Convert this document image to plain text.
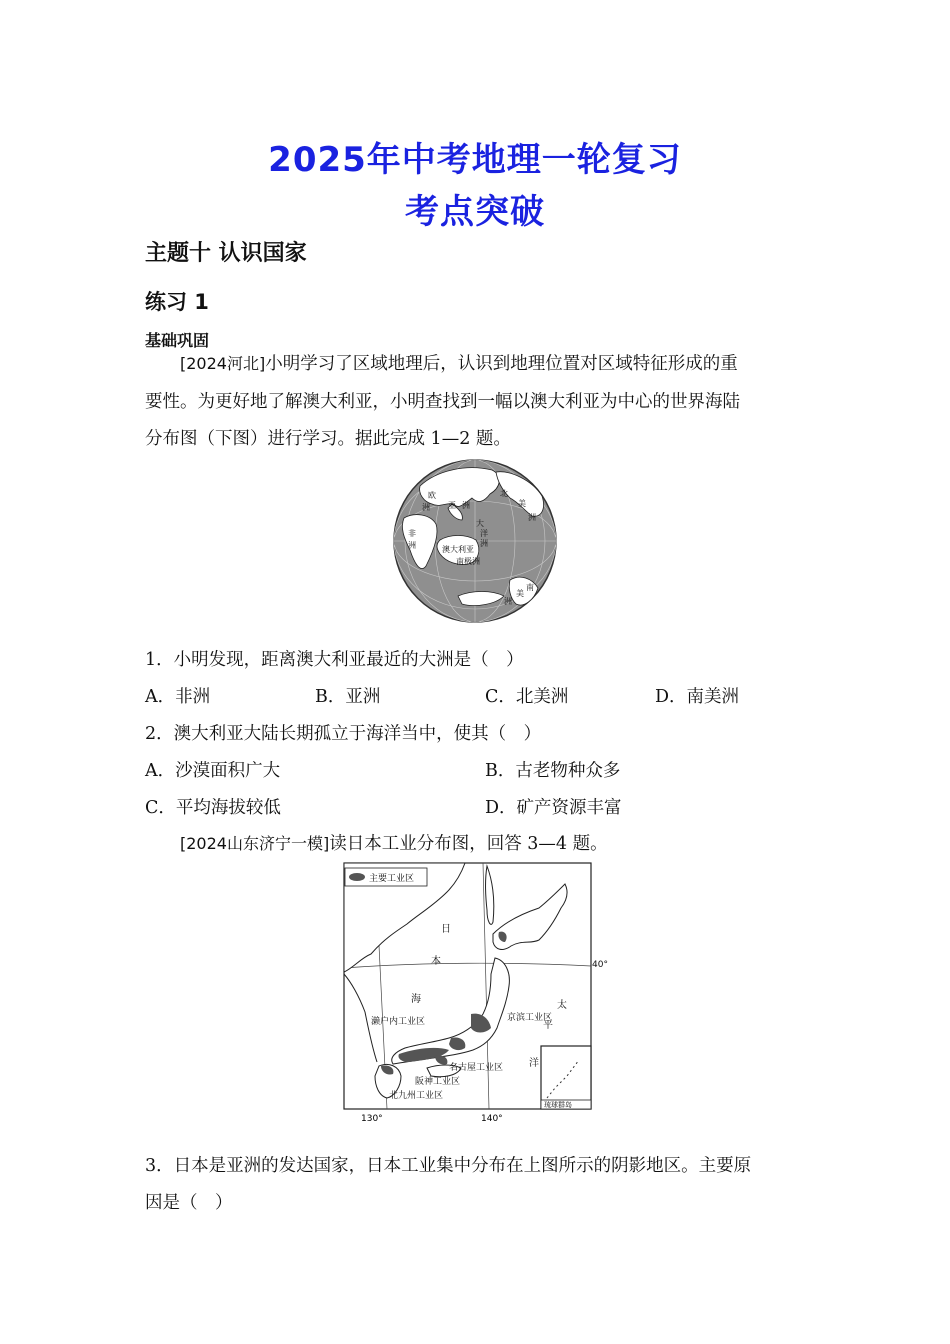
2025年中考地理一轮复习
考点突破
主题十 认识国家
练习 1
基础巩固
[2024河北]小明学习了区域地理后，认识到地理位置对区域特征形成的重
要性。为更好地了解澳大利亚，小明查找到一幅以澳大利亚为中心的世界海陆
分布图（下图）进行学习。据此完成 1—2 题。
欧
亚 洲
洲
北
美
洲
非
洲
大
洋
洲
澳大利亚
南极洲
南
美
洲
1．小明发现，距离澳大利亚最近的大洲是（　）
A．非洲	B．亚洲	C．北美洲	D．南美洲
2．澳大利亚大陆长期孤立于海洋当中，使其（　）
A．沙漠面积广大	B．古老物种众多
C．平均海拔较低	D．矿产资源丰富
[2024山东济宁一模]读日本工业分布图，回答 3—4 题。
主要工业区
日
本
海
太
平
洋
濑户内工业区	京滨工业区
名古屋工业区
阪神工业区
北九州工业区
琉球群岛
130°	140°
40°
3．日本是亚洲的发达国家，日本工业集中分布在上图所示的阴影地区。主要原
因是（　）
